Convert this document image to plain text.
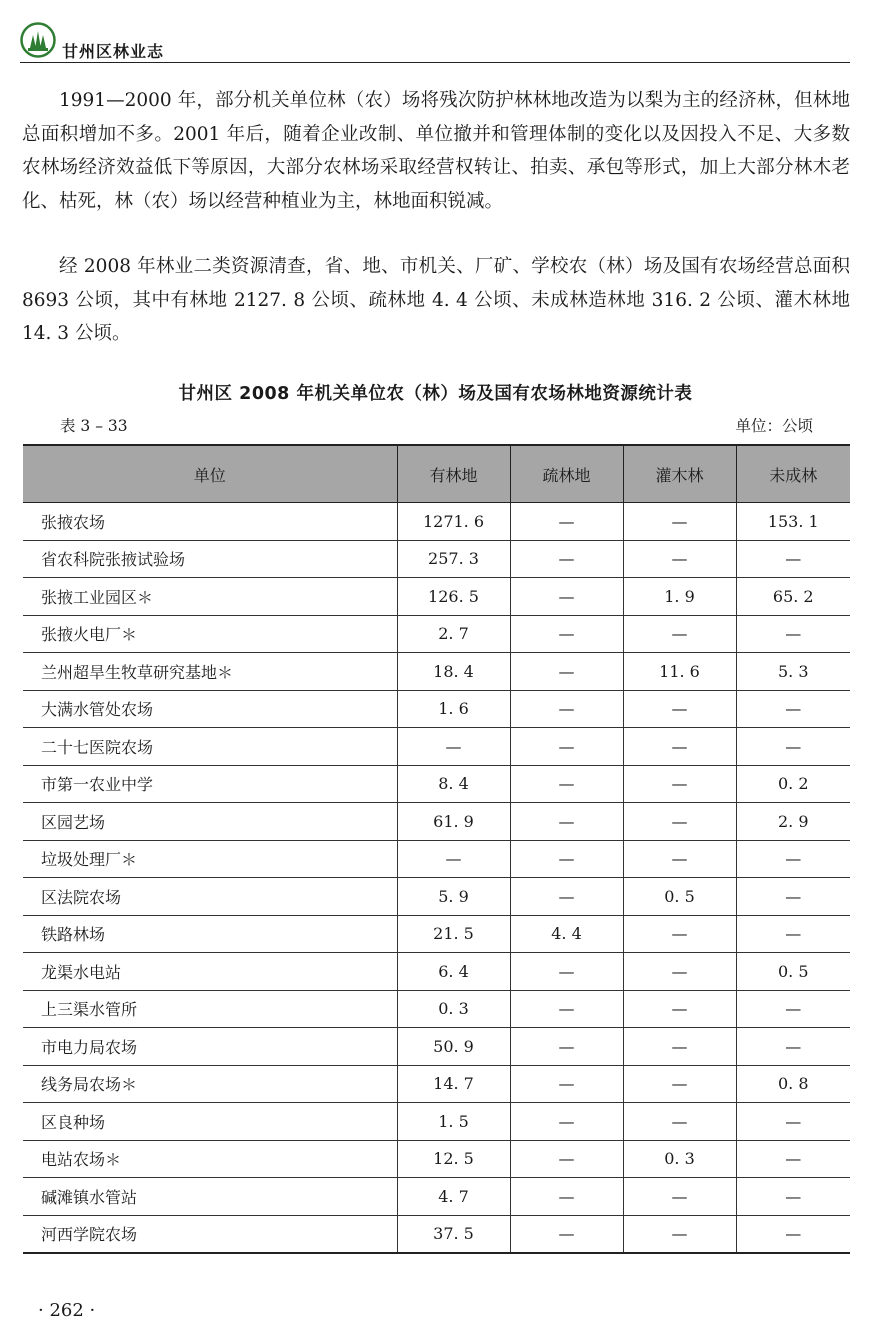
甘州区林业志

1991—2000 年，部分机关单位林（农）场将残次防护林林地改造为以梨为主的经济林，但林地总面积增加不多。2001 年后，随着企业改制、单位撤并和管理体制的变化以及因投入不足、大多数农林场经济效益低下等原因，大部分农林场采取经营权转让、拍卖、承包等形式，加上大部分林木老化、枯死，林（农）场以经营种植业为主，林地面积锐减。

经 2008 年林业二类资源清查，省、地、市机关、厂矿、学校农（林）场及国有农场经营总面积 8693 公顷，其中有林地 2127. 8 公顷、疏林地 4. 4 公顷、未成林造林地 316. 2 公顷、灌木林地 14. 3 公顷。

甘州区 2008 年机关单位农（林）场及国有农场林地资源统计表
表 3 – 33	单位：公顷
单位	有林地	疏林地	灌木林	未成林
张掖农场	1271. 6	—	—	153. 1
省农科院张掖试验场	257. 3	—	—	—
张掖工业园区＊	126. 5	—	1. 9	65. 2
张掖火电厂＊	2. 7	—	—	—
兰州超旱生牧草研究基地＊	18. 4	—	11. 6	5. 3
大满水管处农场	1. 6	—	—	—
二十七医院农场	—	—	—	—
市第一农业中学	8. 4	—	—	0. 2
区园艺场	61. 9	—	—	2. 9
垃圾处理厂＊	—	—	—	—
区法院农场	5. 9	—	0. 5	—
铁路林场	21. 5	4. 4	—	—
龙渠水电站	6. 4	—	—	0. 5
上三渠水管所	0. 3	—	—	—
市电力局农场	50. 9	—	—	—
线务局农场＊	14. 7	—	—	0. 8
区良种场	1. 5	—	—	—
电站农场＊	12. 5	—	0. 3	—
碱滩镇水管站	4. 7	—	—	—
河西学院农场	37. 5	—	—	—
· 262 ·
